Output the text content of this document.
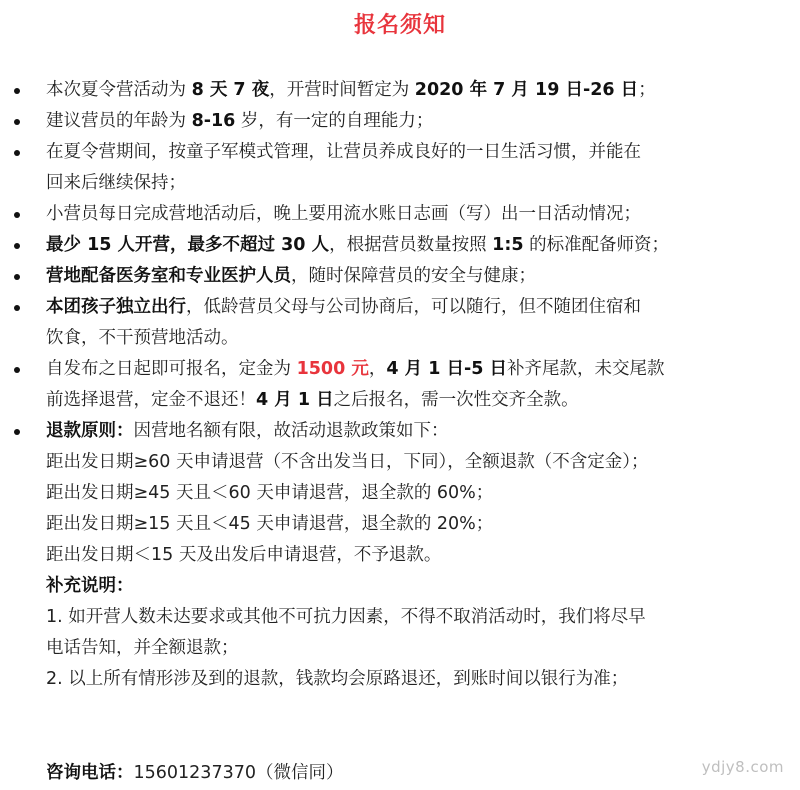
报名须知
本次夏令营活动为 8 天 7 夜，开营时间暂定为 2020 年 7 月 19 日-26 日；
建议营员的年龄为 8-16 岁，有一定的自理能力；
在夏令营期间，按童子军模式管理，让营员养成良好的一日生活习惯，并能在
回来后继续保持；
小营员每日完成营地活动后，晚上要用流水账日志画（写）出一日活动情况；
最少 15 人开营，最多不超过 30 人，根据营员数量按照 1:5 的标准配备师资；
营地配备医务室和专业医护人员，随时保障营员的安全与健康；
本团孩子独立出行，低龄营员父母与公司协商后，可以随行，但不随团住宿和
饮食，不干预营地活动。
自发布之日起即可报名，定金为 1500 元，4 月 1 日-5 日补齐尾款，未交尾款
前选择退营，定金不退还！4 月 1 日之后报名，需一次性交齐全款。
退款原则：因营地名额有限，故活动退款政策如下：
距出发日期≥60 天申请退营（不含出发当日，下同），全额退款（不含定金）；
距出发日期≥45 天且＜60 天申请退营，退全款的 60%；
距出发日期≥15 天且＜45 天申请退营，退全款的 20%；
距出发日期＜15 天及出发后申请退营，不予退款。
补充说明：
1. 如开营人数未达要求或其他不可抗力因素，不得不取消活动时，我们将尽早
电话告知，并全额退款；
2. 以上所有情形涉及到的退款，钱款均会原路退还，到账时间以银行为准；
咨询电话：15601237370（微信同）	ydjy8.com
